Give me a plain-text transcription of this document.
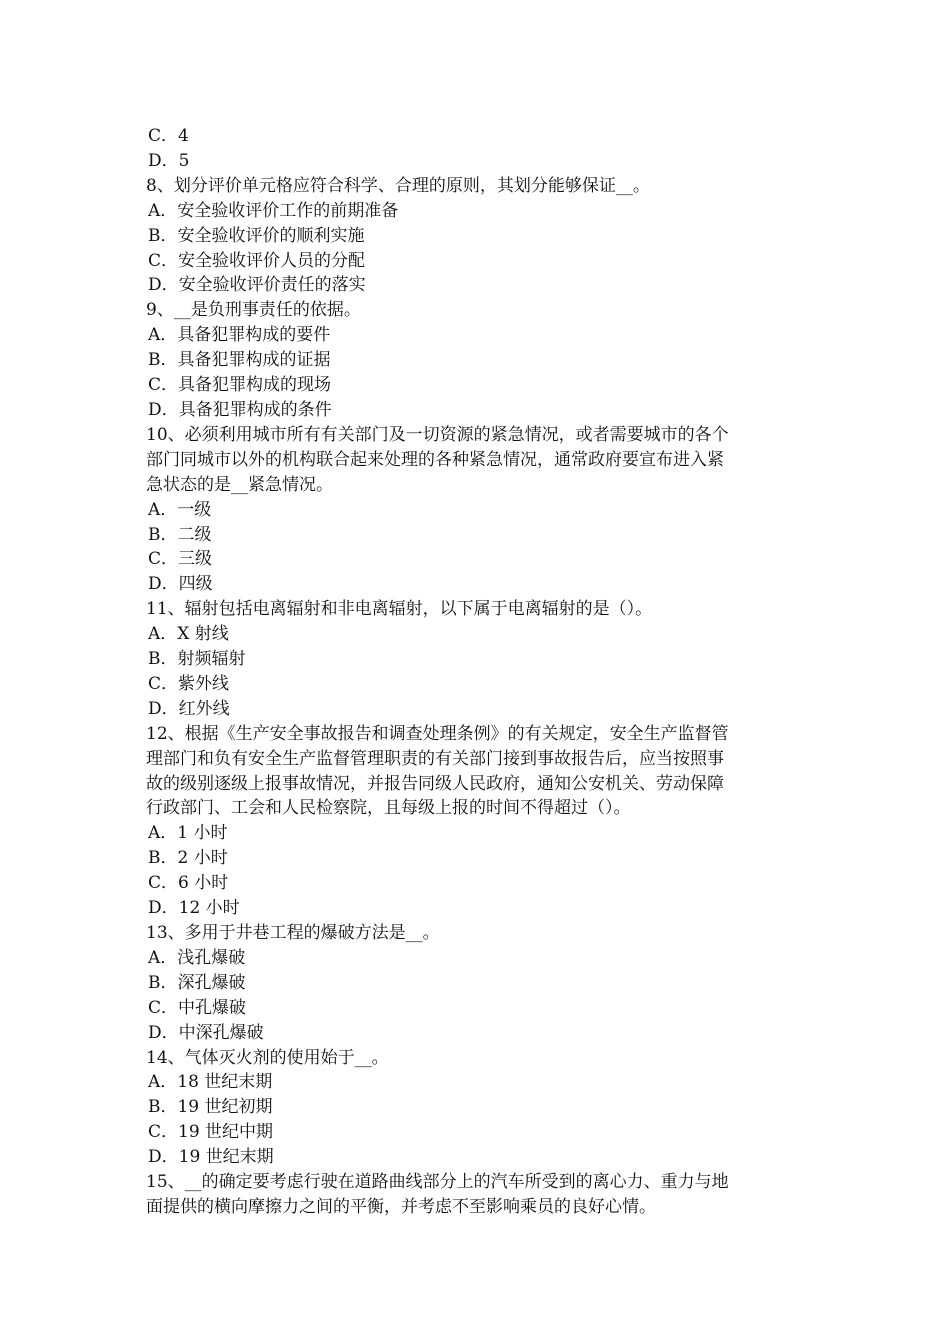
C．4
D．5
8、划分评价单元格应符合科学、合理的原则，其划分能够保证__。
A．安全验收评价工作的前期准备
B．安全验收评价的顺利实施
C．安全验收评价人员的分配
D．安全验收评价责任的落实
9、__是负刑事责任的依据。
A．具备犯罪构成的要件
B．具备犯罪构成的证据
C．具备犯罪构成的现场
D．具备犯罪构成的条件
10、必须利用城市所有有关部门及一切资源的紧急情况，或者需要城市的各个
部门同城市以外的机构联合起来处理的各种紧急情况，通常政府要宣布进入紧
急状态的是__紧急情况。
A．一级
B．二级
C．三级
D．四级
11、辐射包括电离辐射和非电离辐射，以下属于电离辐射的是（）。
A．X 射线
B．射频辐射
C．紫外线
D．红外线
12、根据《生产安全事故报告和调查处理条例》的有关规定，安全生产监督管
理部门和负有安全生产监督管理职责的有关部门接到事故报告后，应当按照事
故的级别逐级上报事故情况，并报告同级人民政府，通知公安机关、劳动保障
行政部门、工会和人民检察院，且每级上报的时间不得超过（）。
A．1 小时
B．2 小时
C．6 小时
D．12 小时
13、多用于井巷工程的爆破方法是__。
A．浅孔爆破
B．深孔爆破
C．中孔爆破
D．中深孔爆破
14、气体灭火剂的使用始于__。
A．18 世纪末期
B．19 世纪初期
C．19 世纪中期
D．19 世纪末期
15、__的确定要考虑行驶在道路曲线部分上的汽车所受到的离心力、重力与地
面提供的横向摩擦力之间的平衡，并考虑不至影响乘员的良好心情。
